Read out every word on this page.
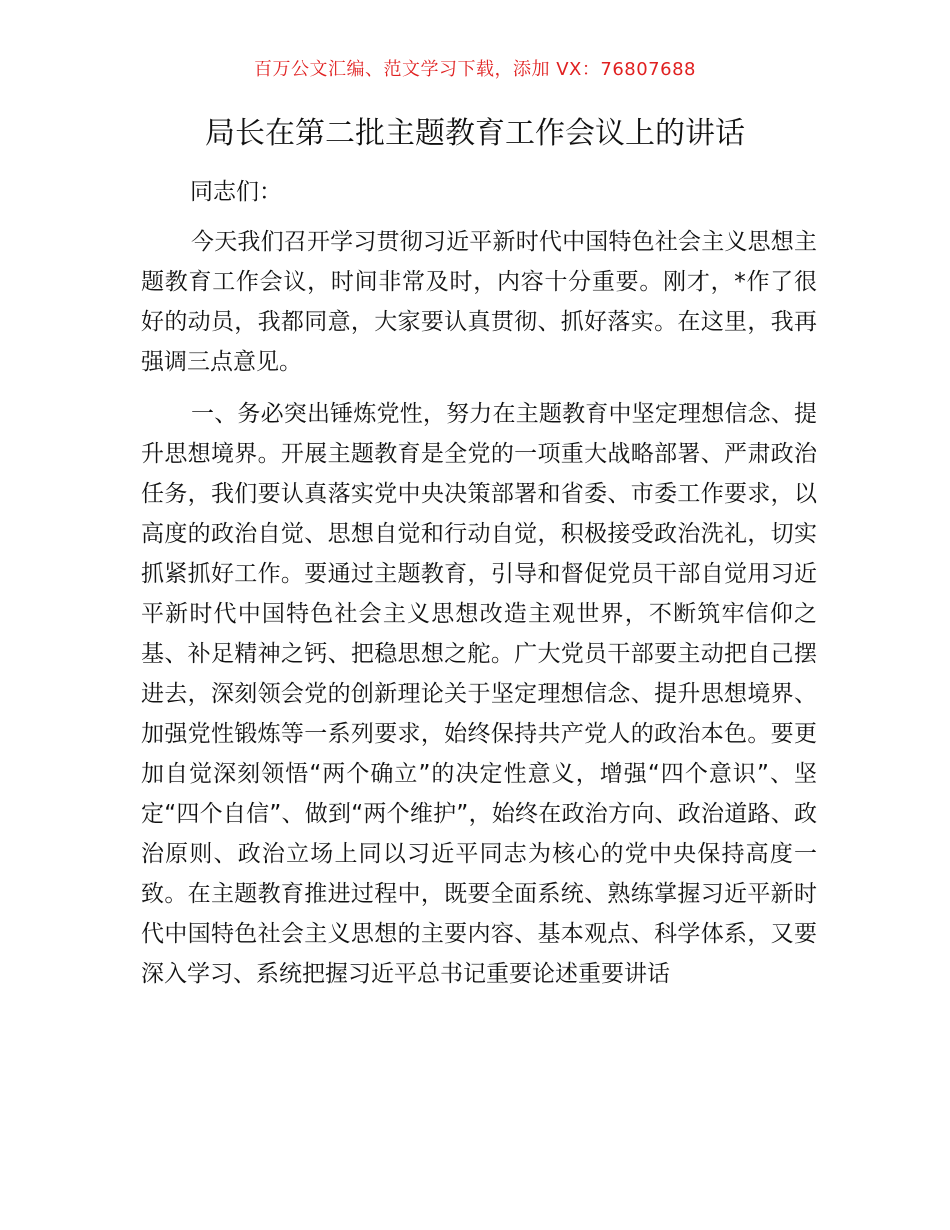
百万公文汇编、范文学习下载，添加 VX：76807688
局长在第二批主题教育工作会议上的讲话

同志们：

今天我们召开学习贯彻习近平新时代中国特色社会主义思想主题教育工作会议，时间非常及时，内容十分重要。刚才，*作了很好的动员，我都同意，大家要认真贯彻、抓好落实。在这里，我再强调三点意见。

一、务必突出锤炼党性，努力在主题教育中坚定理想信念、提升思想境界。开展主题教育是全党的一项重大战略部署、严肃政治任务，我们要认真落实党中央决策部署和省委、市委工作要求，以高度的政治自觉、思想自觉和行动自觉，积极接受政治洗礼，切实抓紧抓好工作。要通过主题教育，引导和督促党员干部自觉用习近平新时代中国特色社会主义思想改造主观世界，不断筑牢信仰之基、补足精神之钙、把稳思想之舵。广大党员干部要主动把自己摆进去，深刻领会党的创新理论关于坚定理想信念、提升思想境界、加强党性锻炼等一系列要求，始终保持共产党人的政治本色。要更加自觉深刻领悟“两个确立”的决定性意义，增强“四个意识”、坚定“四个自信”、做到“两个维护”，始终在政治方向、政治道路、政治原则、政治立场上同以习近平同志为核心的党中央保持高度一致。在主题教育推进过程中，既要全面系统、熟练掌握习近平新时代中国特色社会主义思想的主要内容、基本观点、科学体系，又要深入学习、系统把握习近平总书记重要论述重要讲话
